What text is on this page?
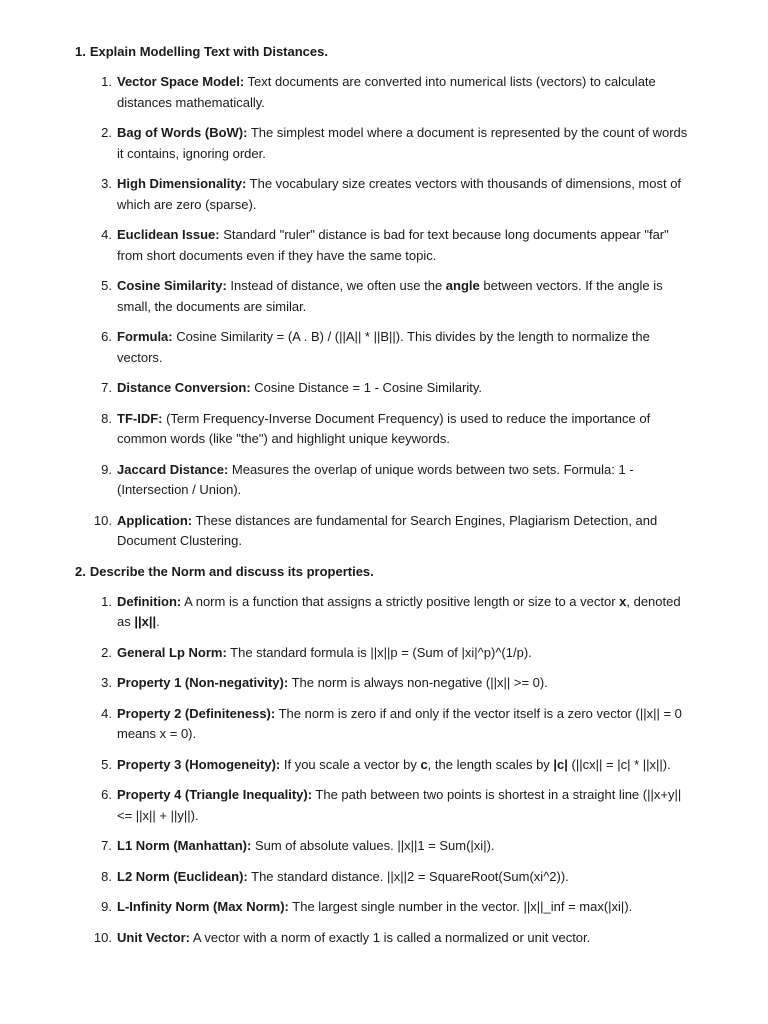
1. Explain Modelling Text with Distances.
1. Vector Space Model: Text documents are converted into numerical lists (vectors) to calculate distances mathematically.
2. Bag of Words (BoW): The simplest model where a document is represented by the count of words it contains, ignoring order.
3. High Dimensionality: The vocabulary size creates vectors with thousands of dimensions, most of which are zero (sparse).
4. Euclidean Issue: Standard "ruler" distance is bad for text because long documents appear "far" from short documents even if they have the same topic.
5. Cosine Similarity: Instead of distance, we often use the angle between vectors. If the angle is small, the documents are similar.
6. Formula: Cosine Similarity = (A . B) / (||A|| * ||B||). This divides by the length to normalize the vectors.
7. Distance Conversion: Cosine Distance = 1 - Cosine Similarity.
8. TF-IDF: (Term Frequency-Inverse Document Frequency) is used to reduce the importance of common words (like "the") and highlight unique keywords.
9. Jaccard Distance: Measures the overlap of unique words between two sets. Formula: 1 - (Intersection / Union).
10. Application: These distances are fundamental for Search Engines, Plagiarism Detection, and Document Clustering.
2. Describe the Norm and discuss its properties.
1. Definition: A norm is a function that assigns a strictly positive length or size to a vector x, denoted as ||x||.
2. General Lp Norm: The standard formula is ||x||p = (Sum of |xi|^p)^(1/p).
3. Property 1 (Non-negativity): The norm is always non-negative (||x|| >= 0).
4. Property 2 (Definiteness): The norm is zero if and only if the vector itself is a zero vector (||x|| = 0 means x = 0).
5. Property 3 (Homogeneity): If you scale a vector by c, the length scales by |c| (||cx|| = |c| * ||x||).
6. Property 4 (Triangle Inequality): The path between two points is shortest in a straight line (||x+y|| <= ||x|| + ||y||).
7. L1 Norm (Manhattan): Sum of absolute values. ||x||1 = Sum(|xi|).
8. L2 Norm (Euclidean): The standard distance. ||x||2 = SquareRoot(Sum(xi^2)).
9. L-Infinity Norm (Max Norm): The largest single number in the vector. ||x||_inf = max(|xi|).
10. Unit Vector: A vector with a norm of exactly 1 is called a normalized or unit vector.
